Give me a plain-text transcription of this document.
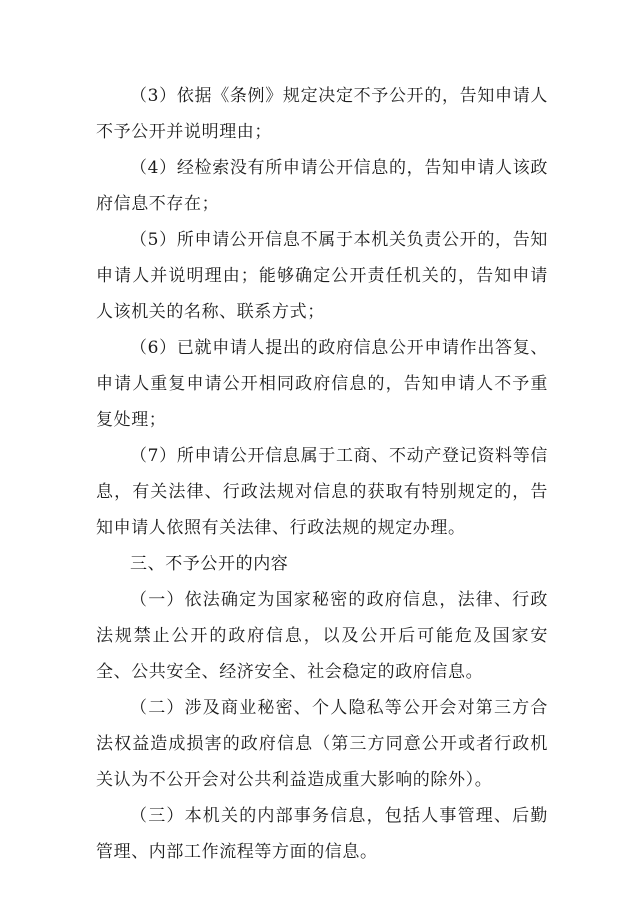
（3）依据《条例》规定决定不予公开的，告知申请人不予公开并说明理由；

（4）经检索没有所申请公开信息的，告知申请人该政府信息不存在；

（5）所申请公开信息不属于本机关负责公开的，告知申请人并说明理由；能够确定公开责任机关的，告知申请人该机关的名称、联系方式；

（6）已就申请人提出的政府信息公开申请作出答复、申请人重复申请公开相同政府信息的，告知申请人不予重复处理；

（7）所申请公开信息属于工商、不动产登记资料等信息，有关法律、行政法规对信息的获取有特别规定的，告知申请人依照有关法律、行政法规的规定办理。

三、不予公开的内容

（一）依法确定为国家秘密的政府信息，法律、行政法规禁止公开的政府信息，以及公开后可能危及国家安全、公共安全、经济安全、社会稳定的政府信息。

（二）涉及商业秘密、个人隐私等公开会对第三方合法权益造成损害的政府信息（第三方同意公开或者行政机关认为不公开会对公共利益造成重大影响的除外）。

（三）本机关的内部事务信息，包括人事管理、后勤管理、内部工作流程等方面的信息。
